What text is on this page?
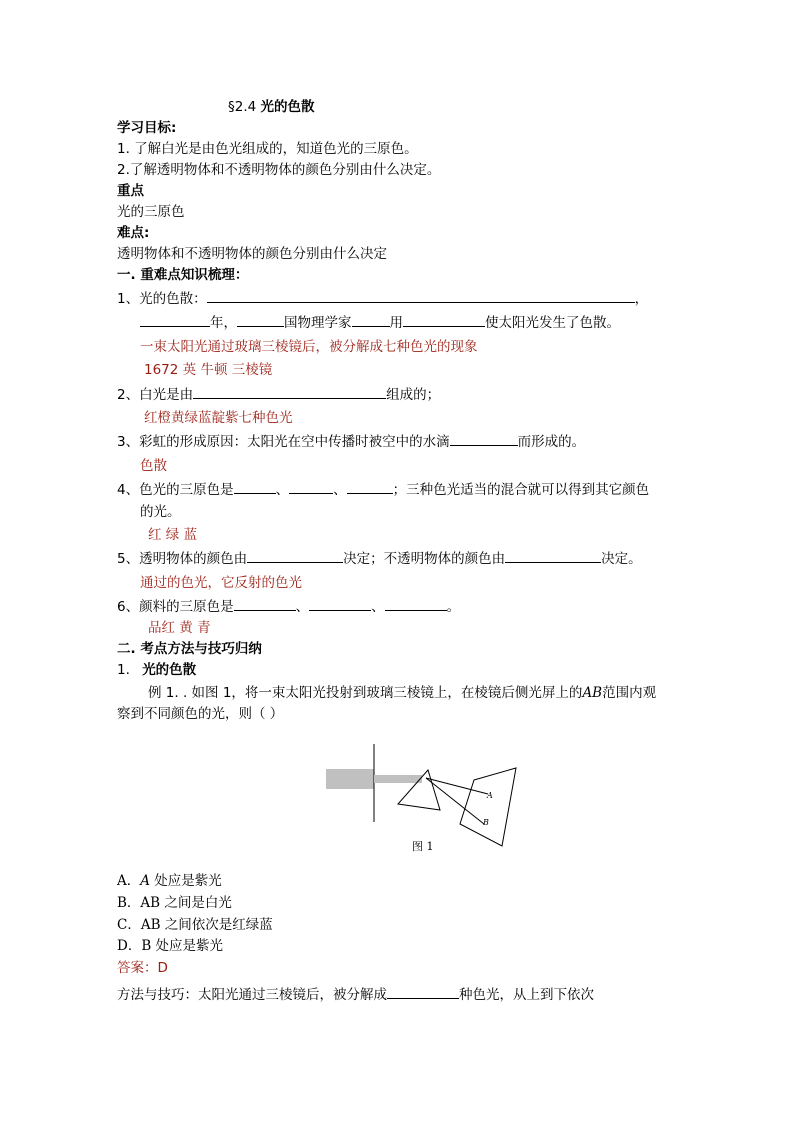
§2.4 光的色散
学习目标:
1. 了解白光是由色光组成的，知道色光的三原色。
2.了解透明物体和不透明物体的颜色分别由什么决定。
重点
光的三原色
难点:
透明物体和不透明物体的颜色分别由什么决定
一. 重难点知识梳理：
1、光的色散：	，
年，	国物理学家	用	使太阳光发生了色散。
一束太阳光通过玻璃三棱镜后，被分解成七种色光的现象
1672 英 牛顿 三棱镜
2、白光是由	组成的；
红橙黄绿蓝靛紫七种色光
3、彩虹的形成原因：太阳光在空中传播时被空中的水滴	而形成的。
色散
4、色光的三原色是	、	、	；三种色光适当的混合就可以得到其它颜色
的光。
红 绿 蓝
5、透明物体的颜色由	决定；不透明物体的颜色由	决定。
通过的色光，它反射的色光
6、颜料的三原色是	、	、	。
品红 黄 青
二. 考点方法与技巧归纳
1. 光的色散
例 1. . 如图 1，将一束太阳光投射到玻璃三棱镜上，在棱镜后侧光屏上的AB范围内观
察到不同颜色的光，则（ ）
A
B
图 1
A．A 处应是紫光
B．AB 之间是白光
C．AB 之间依次是红绿蓝
D．B 处应是紫光
答案：D
方法与技巧：太阳光通过三棱镜后，被分解成	种色光，从上到下依次
